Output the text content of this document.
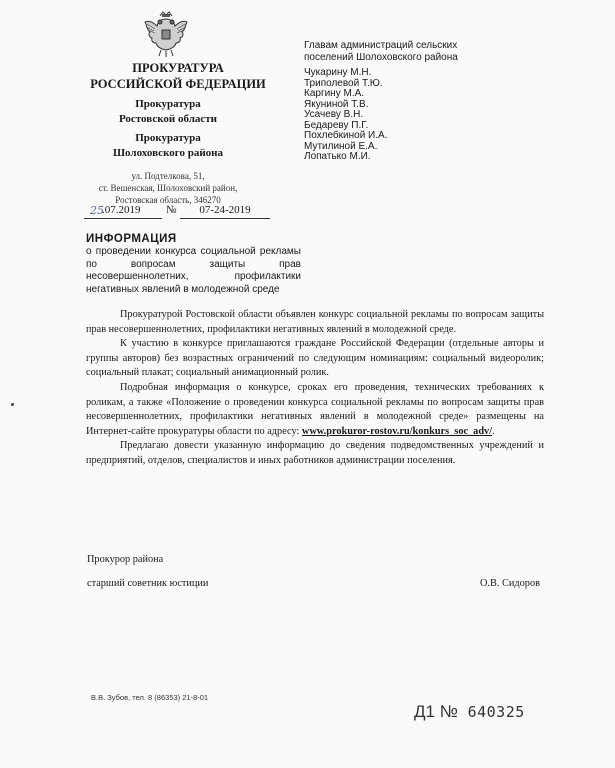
ПРОКУРАТУРА
РОССИЙСКОЙ ФЕДЕРАЦИИ
Прокуратура
Ростовской области
Прокуратура
Шолоховского района
ул. Подтелкова, 51,
ст. Вешенская, Шолоховский район,
Ростовская область, 346270
25
.07.2019 №	07-24-2019
ИНФОРМАЦИЯ
о проведении конкурса социальной рекламы по вопросам защиты прав несовершеннолетних, профилактики негативных явлений в молодежной среде
Главам администраций сельских
поселений Шолоховского района
Чукарину М.Н.
Триполевой Т.Ю.
Каргину М.А.
Якуниной Т.В.
Усачеву В.Н.
Бедареву П.Г.
Похлебкиной И.А.
Мутилиной Е.А.
Лопатько М.И.

Прокуратурой Ростовской области объявлен конкурс социальной рекламы по вопросам защиты прав несовершеннолетних, профилактики негативных явлений в молодежной среде.

К участию в конкурсе приглашаются граждане Российской Федерации (отдельные авторы и группы авторов) без возрастных ограничений по следующим номинациям: социальный видеоролик; социальный плакат; социальный анимационный ролик.

Подробная информация о конкурсе, сроках его проведения, технических требованиях к роликам, а также «Положение о проведении конкурса социальной рекламы по вопросам защиты прав несовершеннолетних, профилактики негативных явлений в молодежной среде» размещены на Интернет-сайте прокуратуры области по адресу: www.prokuror-rostov.ru/konkurs_soc_adv/.

Предлагаю довести указанную информацию до сведения подведомственных учреждений и предприятий, отделов, специалистов и иных работников администрации поселения.

Прокурор района
старший советник юстиции	О.В. Сидоров
В.В. Зубов, тел. 8 (86353) 21-8-01
Д1 № 640325
